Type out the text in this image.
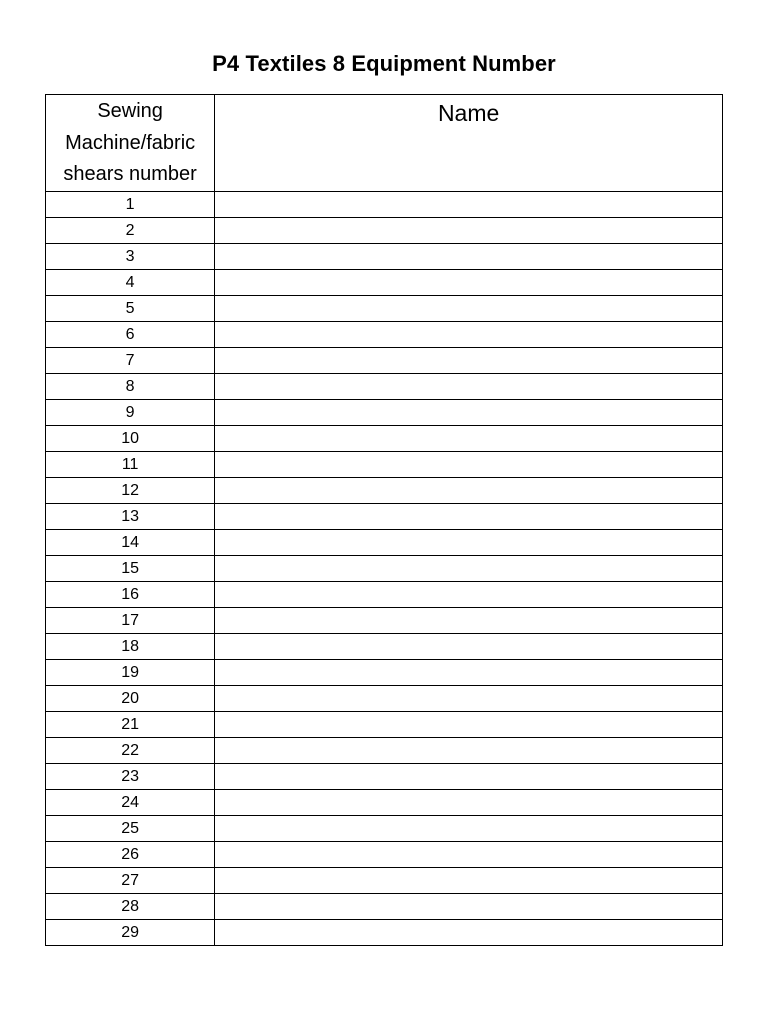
P4 Textiles 8 Equipment Number
Sewing Machine/fabric shears number	Name

1	
2	
3	
4	
5	
6	
7	
8	
9	
10	
11	
12	
13	
14	
15	
16	
17	
18	
19	
20	
21	
22	
23	
24	
25	
26	
27	
28	
29	
